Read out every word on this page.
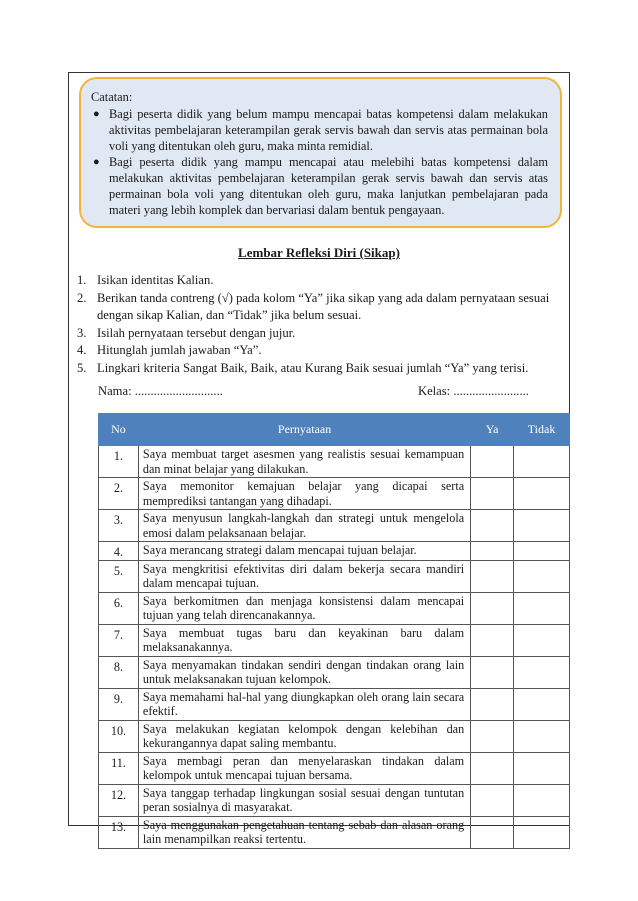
Catatan:
● Bagi peserta didik yang belum mampu mencapai batas kompetensi dalam melakukan aktivitas pembelajaran keterampilan gerak servis bawah dan servis atas permainan bola voli yang ditentukan oleh guru, maka minta remidial.
● Bagi peserta didik yang mampu mencapai atau melebihi batas kompetensi dalam melakukan aktivitas pembelajaran keterampilan gerak servis bawah dan servis atas permainan bola voli yang ditentukan oleh guru, maka lanjutkan pembelajaran pada materi yang lebih komplek dan bervariasi dalam bentuk pengayaan.
Lembar Refleksi Diri (Sikap)
1. Isikan identitas Kalian.
2. Berikan tanda contreng (√) pada kolom “Ya” jika sikap yang ada dalam pernyataan sesuai dengan sikap Kalian, dan “Tidak” jika belum sesuai.
3. Isilah pernyataan tersebut dengan jujur.
4. Hitunglah jumlah jawaban “Ya”.
5. Lingkari kriteria Sangat Baik, Baik, atau Kurang Baik sesuai jumlah “Ya” yang terisi.
Nama: ............................	Kelas: ........................
No	Pernyataan	Ya	Tidak
1.	Saya membuat target asesmen yang realistis sesuai kemampuan dan minat belajar yang dilakukan.		
2.	Saya memonitor kemajuan belajar yang dicapai serta memprediksi tantangan yang dihadapi.		
3.	Saya menyusun langkah-langkah dan strategi untuk mengelola emosi dalam pelaksanaan belajar.		
4.	Saya merancang strategi dalam mencapai tujuan belajar.		
5.	Saya mengkritisi efektivitas diri dalam bekerja secara mandiri dalam mencapai tujuan.		
6.	Saya berkomitmen dan menjaga konsistensi dalam mencapai tujuan yang telah direncanakannya.		
7.	Saya membuat tugas baru dan keyakinan baru dalam melaksanakannya.		
8.	Saya menyamakan tindakan sendiri dengan tindakan orang lain untuk melaksanakan tujuan kelompok.		
9.	Saya memahami hal-hal yang diungkapkan oleh orang lain secara efektif.		
10.	Saya melakukan kegiatan kelompok dengan kelebihan dan kekurangannya dapat saling membantu.		
11.	Saya membagi peran dan menyelaraskan tindakan dalam kelompok untuk mencapai tujuan bersama.		
12.	Saya tanggap terhadap lingkungan sosial sesuai dengan tuntutan peran sosialnya di masyarakat.		
13.	Saya menggunakan pengetahuan tentang sebab dan alasan orang lain menampilkan reaksi tertentu.		
